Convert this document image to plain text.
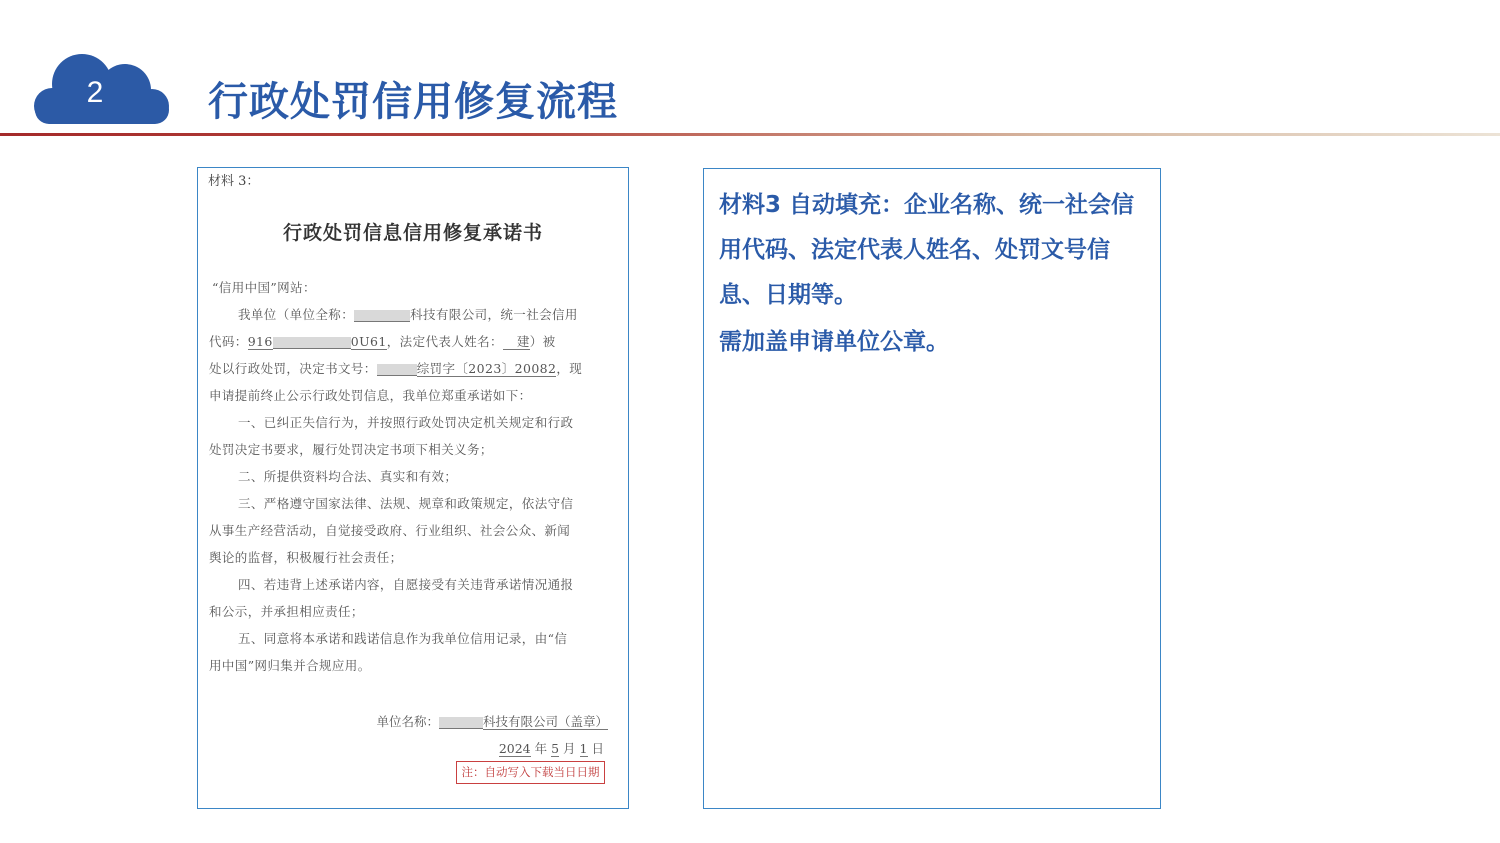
2	行政处罚信用修复流程
材料 3：
行政处罚信息信用修复承诺书
“信用中国”网站：
我单位（单位全称：	科技有限公司，统一社会信用
代码：916	0U61，法定代表人姓名： 建）被
处以行政处罚，决定书文号：	综罚字〔2023〕20082，现
申请提前终止公示行政处罚信息，我单位郑重承诺如下：
一、已纠正失信行为，并按照行政处罚决定机关规定和行政
处罚决定书要求，履行处罚决定书项下相关义务；
二、所提供资料均合法、真实和有效；
三、严格遵守国家法律、法规、规章和政策规定，依法守信
从事生产经营活动，自觉接受政府、行业组织、社会公众、新闻
舆论的监督，积极履行社会责任；
四、若违背上述承诺内容，自愿接受有关违背承诺情况通报
和公示，并承担相应责任；
五、同意将本承诺和践诺信息作为我单位信用记录，由“信
用中国”网归集并合规应用。
单位名称：	科技有限公司（盖章）
2024 年 5 月 1 日
注：自动写入下载当日日期

材料3 自动填充：企业名称、统一社会信用代码、法定代表人姓名、处罚文号信息、日期等。

需加盖申请单位公章。
